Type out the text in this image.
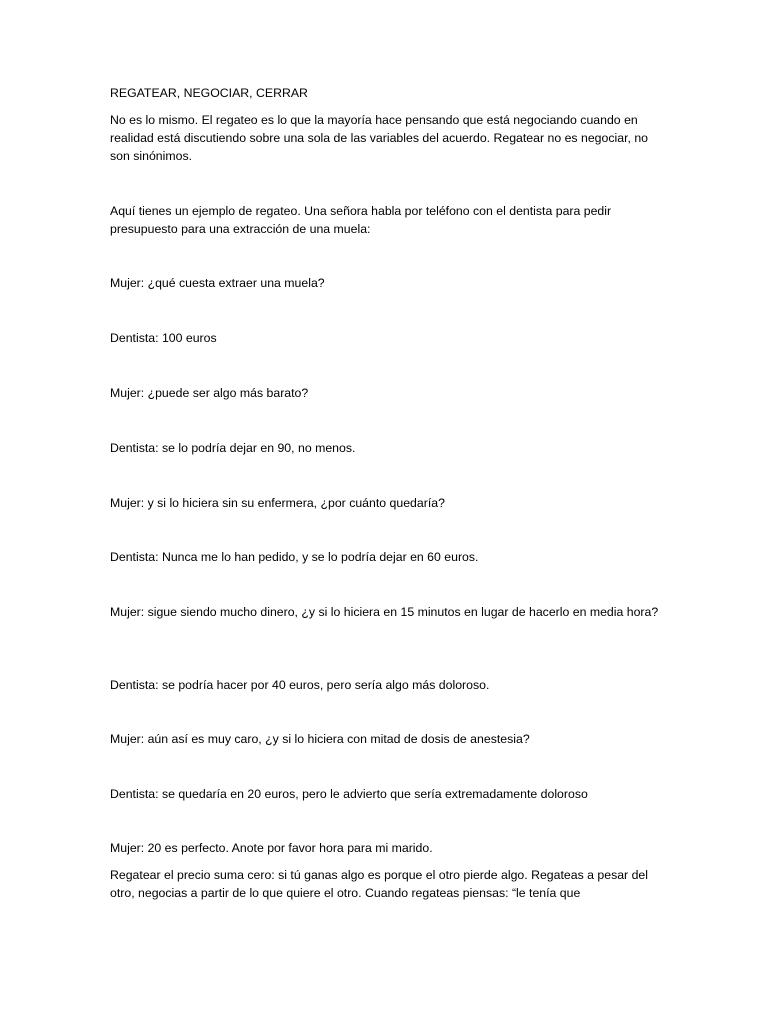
REGATEAR, NEGOCIAR, CERRAR

No es lo mismo. El regateo es lo que la mayoría hace pensando que está negociando cuando en realidad está discutiendo sobre una sola de las variables del acuerdo. Regatear no es negociar, no son sinónimos.

Aquí tienes un ejemplo de regateo. Una señora habla por teléfono con el dentista para pedir presupuesto para una extracción de una muela:

Mujer: ¿qué cuesta extraer una muela?

Dentista: 100 euros

Mujer: ¿puede ser algo más barato?

Dentista: se lo podría dejar en 90, no menos.

Mujer: y si lo hiciera sin su enfermera, ¿por cuánto quedaría?

Dentista: Nunca me lo han pedido, y se lo podría dejar en 60 euros.

Mujer: sigue siendo mucho dinero, ¿y si lo hiciera en 15 minutos en lugar de hacerlo en media hora?

Dentista: se podría hacer por 40 euros, pero sería algo más doloroso.

Mujer: aún así es muy caro, ¿y si lo hiciera con mitad de dosis de anestesia?

Dentista: se quedaría en 20 euros, pero le advierto que sería extremadamente doloroso

Mujer: 20 es perfecto. Anote por favor hora para mi marido.

Regatear el precio suma cero: si tú ganas algo es porque el otro pierde algo. Regateas a pesar del otro, negocias a partir de lo que quiere el otro. Cuando regateas piensas: “le tenía que
